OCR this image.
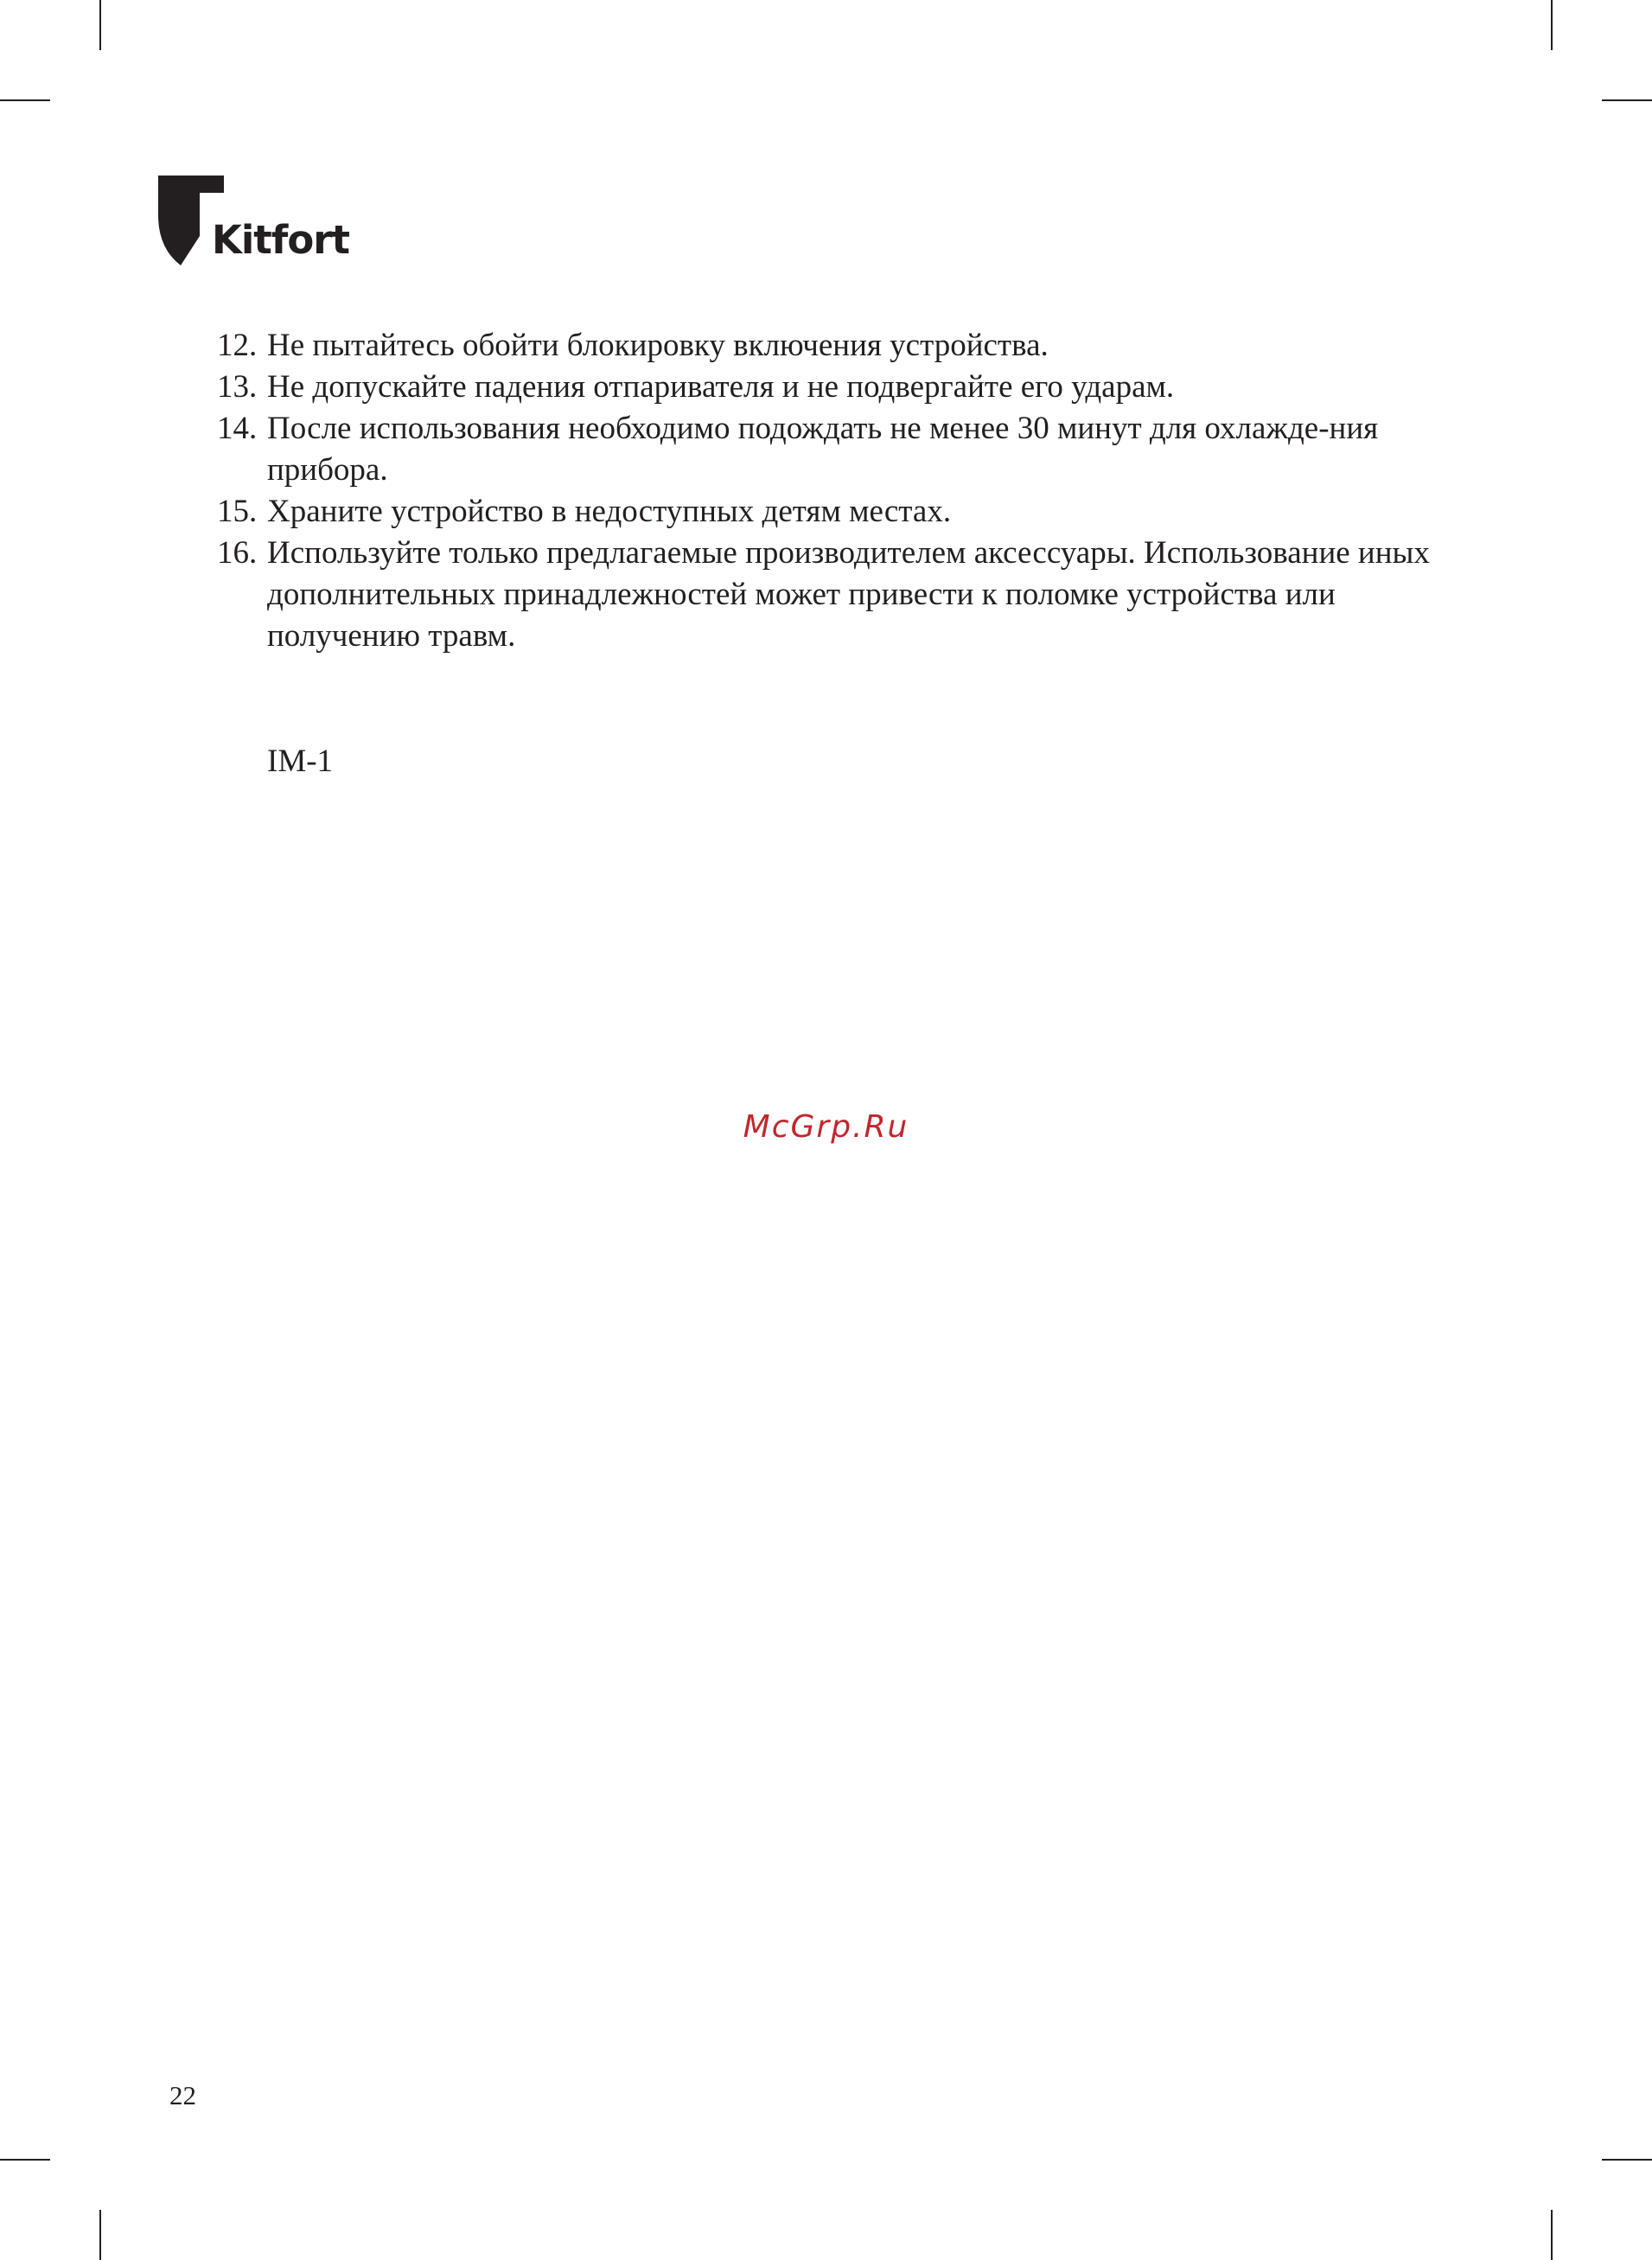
Kitfort
12. Не пытайтесь обойти блокировку включения устройства.
13. Не допускайте падения отпаривателя и не подвергайте его ударам.
14. После использования необходимо подождать не менее 30 минут для охлажде-ния прибора.
15. Храните устройство в недоступных детям местах.
16. Используйте только предлагаемые производителем аксессуары. Использование иных дополнительных принадлежностей может привести к поломке устройства или получению травм.
IM-1
McGrp.Ru
22
